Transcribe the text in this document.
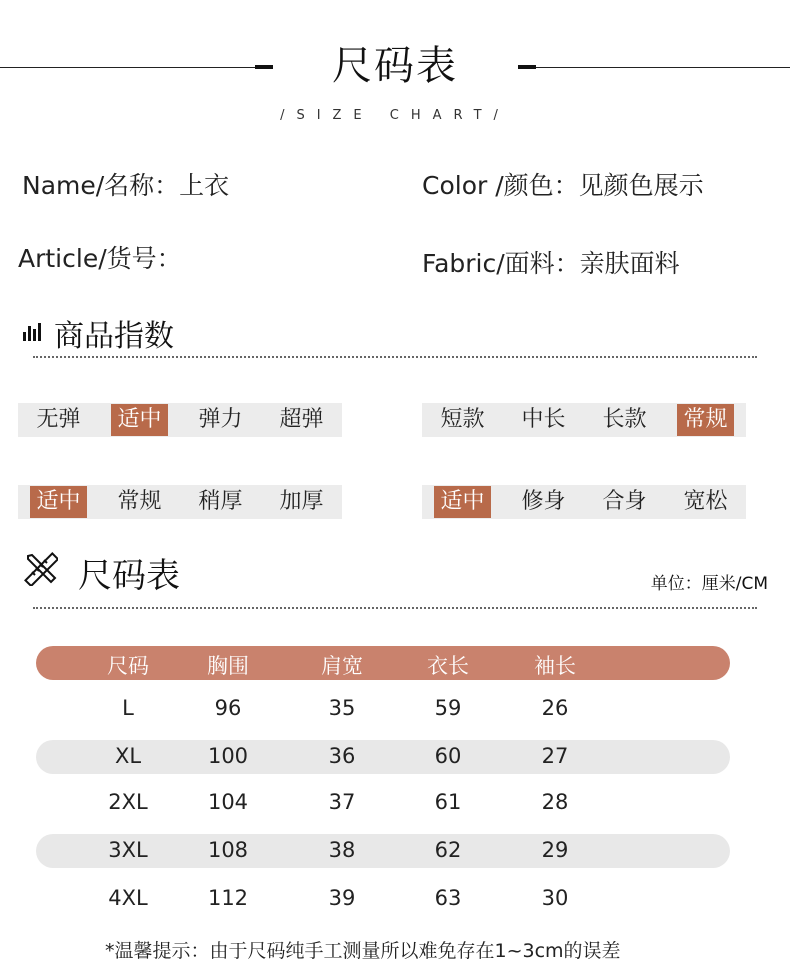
尺码表
/SIZE CHART/
Name/名称：上衣	Color /颜色：见颜色展示
Article/货号：	Fabric/面料：亲肤面料
商品指数
无弹 适中 弹力 超弹	短款 中长 长款 常规
适中 常规 稍厚 加厚	适中 修身 合身 宽松
尺码表	单位：厘米/CM
尺码	胸围	肩宽	衣长	袖长
L	96	35	59	26
XL	100	36	60	27
2XL	104	37	61	28
3XL	108	38	62	29
4XL	112	39	63	30
*温馨提示：由于尺码纯手工测量所以难免存在1~3cm的误差
